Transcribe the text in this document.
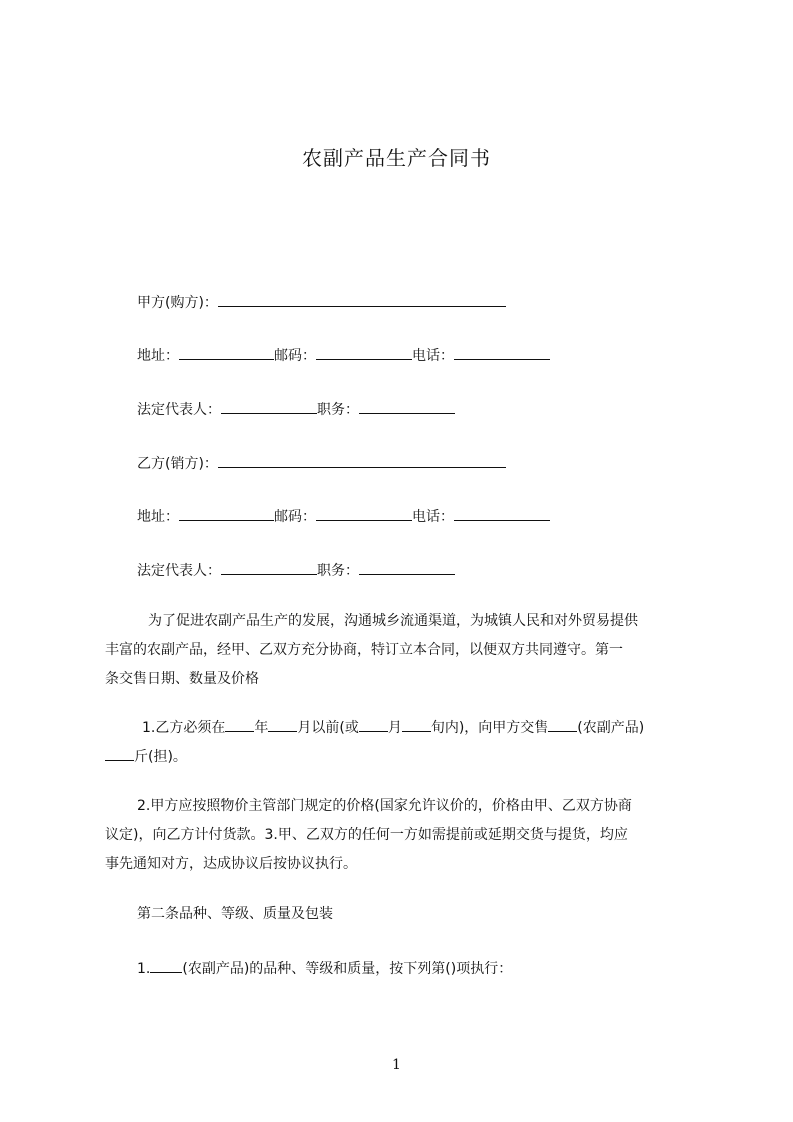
农副产品生产合同书
甲方(购方)：
地址：	邮码：	电话：
法定代表人：	职务：
乙方(销方)：
地址：	邮码：	电话：
法定代表人：	职务：
为了促进农副产品生产的发展，沟通城乡流通渠道，为城镇人民和对外贸易提供
丰富的农副产品，经甲、乙双方充分协商，特订立本合同，以便双方共同遵守。第一
条交售日期、数量及价格
1.乙方必须在 年 月以前(或 月 旬内)，向甲方交售 (农副产品)
斤(担)。
2.甲方应按照物价主管部门规定的价格(国家允许议价的，价格由甲、乙双方协商
议定)，向乙方计付货款。3.甲、乙双方的任何一方如需提前或延期交货与提货，均应
事先通知对方，达成协议后按协议执行。
第二条品种、等级、质量及包装
1. (农副产品)的品种、等级和质量，按下列第()项执行：
1
